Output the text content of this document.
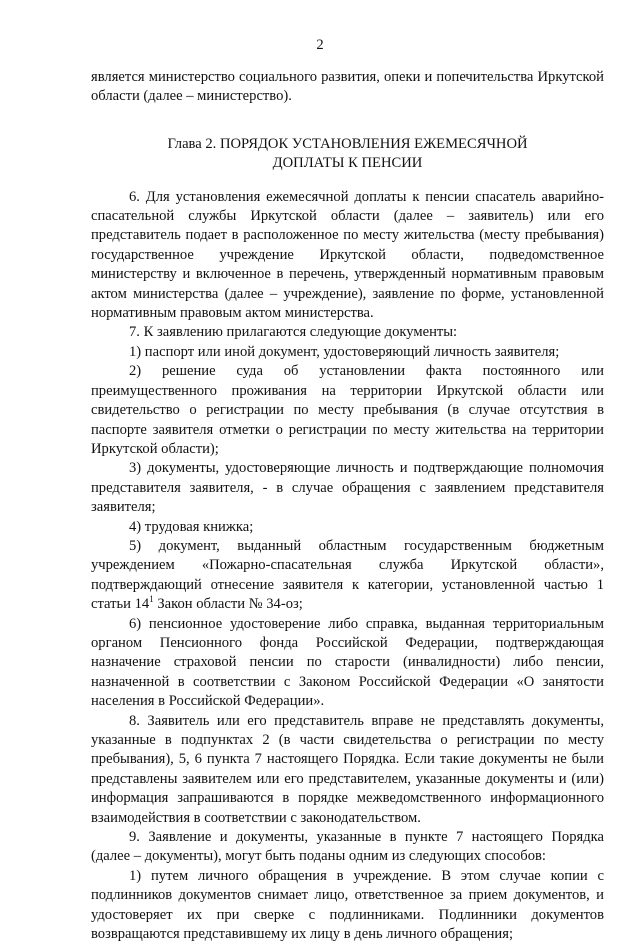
2

является министерство социального развития, опеки и попечительства Иркутской области (далее – министерство).

Глава 2. ПОРЯДОК УСТАНОВЛЕНИЯ ЕЖЕМЕСЯЧНОЙ

ДОПЛАТЫ К ПЕНСИИ

6. Для установления ежемесячной доплаты к пенсии спасатель аварийно-спасательной службы Иркутской области (далее – заявитель) или его представитель подает в расположенное по месту жительства (месту пребывания) государственное учреждение Иркутской области, подведомственное министерству и включенное в перечень, утвержденный нормативным правовым актом министерства (далее – учреждение), заявление по форме, установленной нормативным правовым актом министерства.

7. К заявлению прилагаются следующие документы:

1) паспорт или иной документ, удостоверяющий личность заявителя;

2) решение суда об установлении факта постоянного или преимущественного проживания на территории Иркутской области или свидетельство о регистрации по месту пребывания (в случае отсутствия в паспорте заявителя отметки о регистрации по месту жительства на территории Иркутской области);

3) документы, удостоверяющие личность и подтверждающие полномочия представителя заявителя, - в случае обращения с заявлением представителя заявителя;

4) трудовая книжка;

5) документ, выданный областным государственным бюджетным учреждением «Пожарно-спасательная служба Иркутской области», подтверждающий отнесение заявителя к категории, установленной частью 1 статьи $14^1$ Закон области № 34-оз;

6) пенсионное удостоверение либо справка, выданная территориальным органом Пенсионного фонда Российской Федерации, подтверждающая назначение страховой пенсии по старости (инвалидности) либо пенсии, назначенной в соответствии с Законом Российской Федерации «О занятости населения в Российской Федерации».

8. Заявитель или его представитель вправе не представлять документы, указанные в подпунктах 2 (в части свидетельства о регистрации по месту пребывания), 5, 6 пункта 7 настоящего Порядка. Если такие документы не были представлены заявителем или его представителем, указанные документы и (или) информация запрашиваются в порядке межведомственного информационного взаимодействия в соответствии с законодательством.

9. Заявление и документы, указанные в пункте 7 настоящего Порядка (далее – документы), могут быть поданы одним из следующих способов:

1) путем личного обращения в учреждение. В этом случае копии с подлинников документов снимает лицо, ответственное за прием документов, и удостоверяет их при сверке с подлинниками. Подлинники документов возвращаются представившему их лицу в день личного обращения;
